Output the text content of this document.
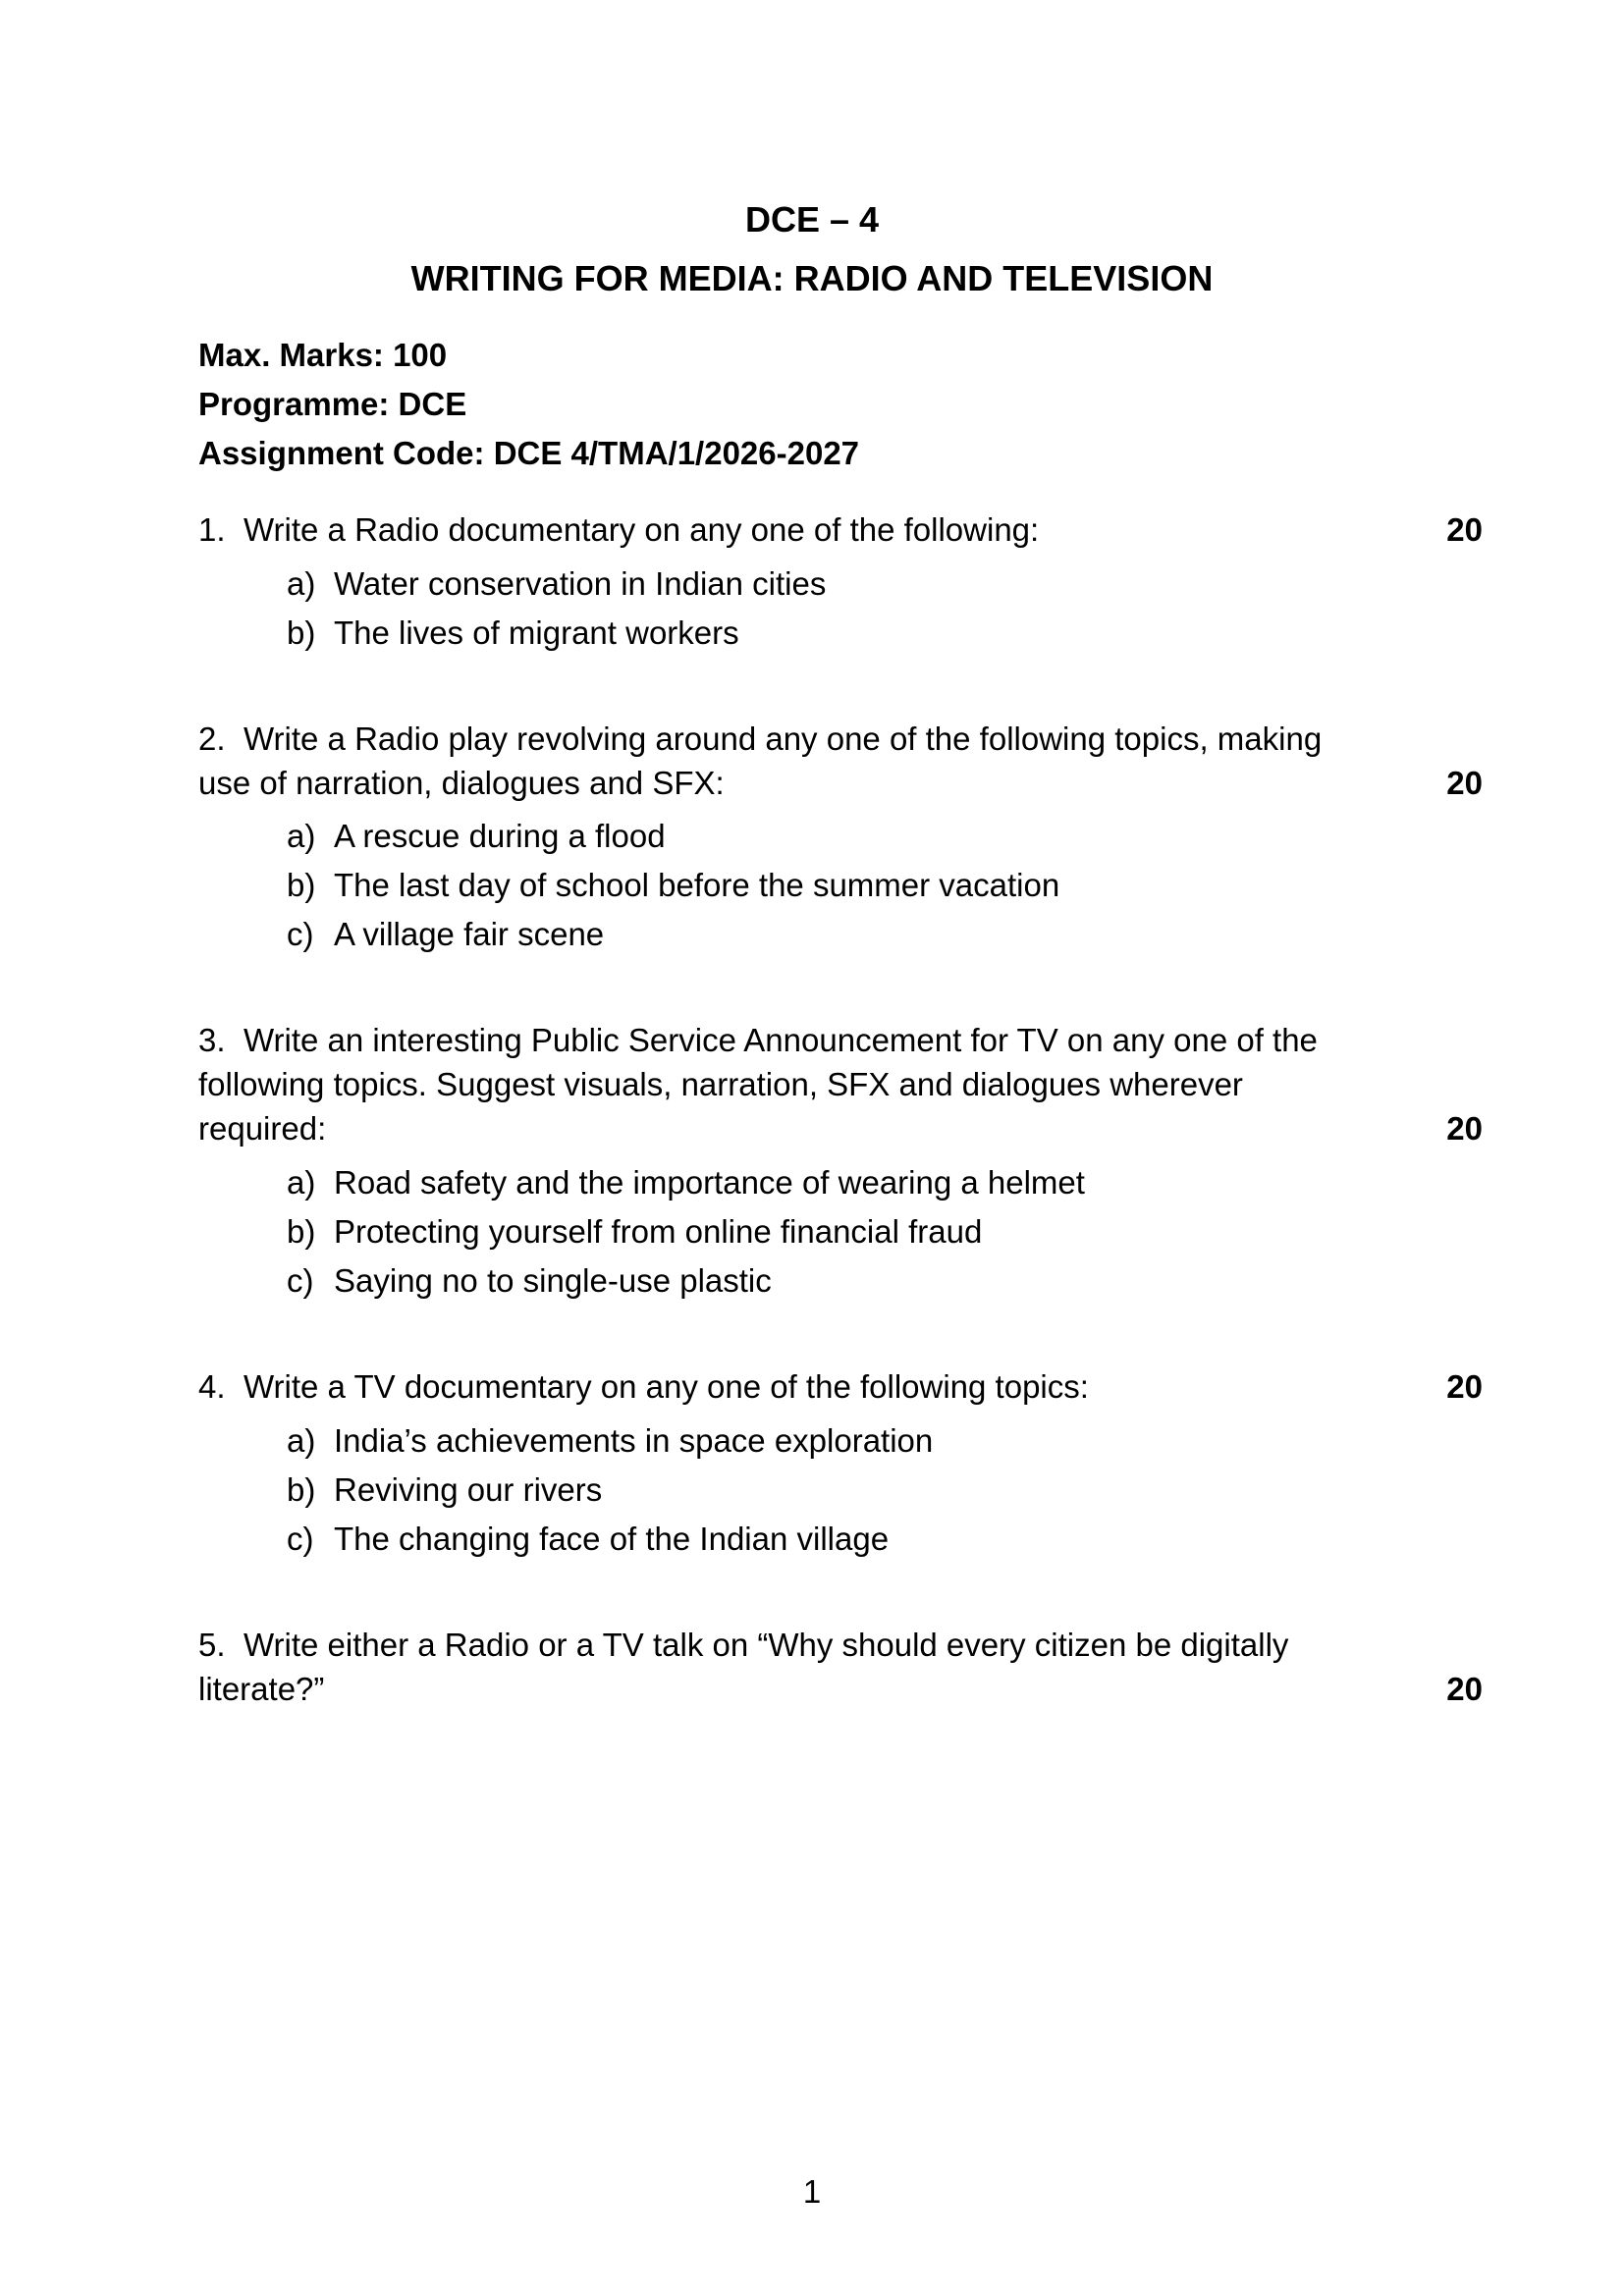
DCE – 4
WRITING FOR MEDIA: RADIO AND TELEVISION
Max. Marks: 100
Programme: DCE
Assignment Code: DCE 4/TMA/1/2026-2027
1. Write a Radio documentary on any one of the following:	20
a) Water conservation in Indian cities
b) The lives of migrant workers
2. Write a Radio play revolving around any one of the following topics, making
use of narration, dialogues and SFX:	20
a) A rescue during a flood
b) The last day of school before the summer vacation
c) A village fair scene
3. Write an interesting Public Service Announcement for TV on any one of the
following topics. Suggest visuals, narration, SFX and dialogues wherever
required:	20
a) Road safety and the importance of wearing a helmet
b) Protecting yourself from online financial fraud
c) Saying no to single-use plastic
4. Write a TV documentary on any one of the following topics:	20
a) India’s achievements in space exploration
b) Reviving our rivers
c) The changing face of the Indian village
5. Write either a Radio or a TV talk on “Why should every citizen be digitally
literate?”	20
1
